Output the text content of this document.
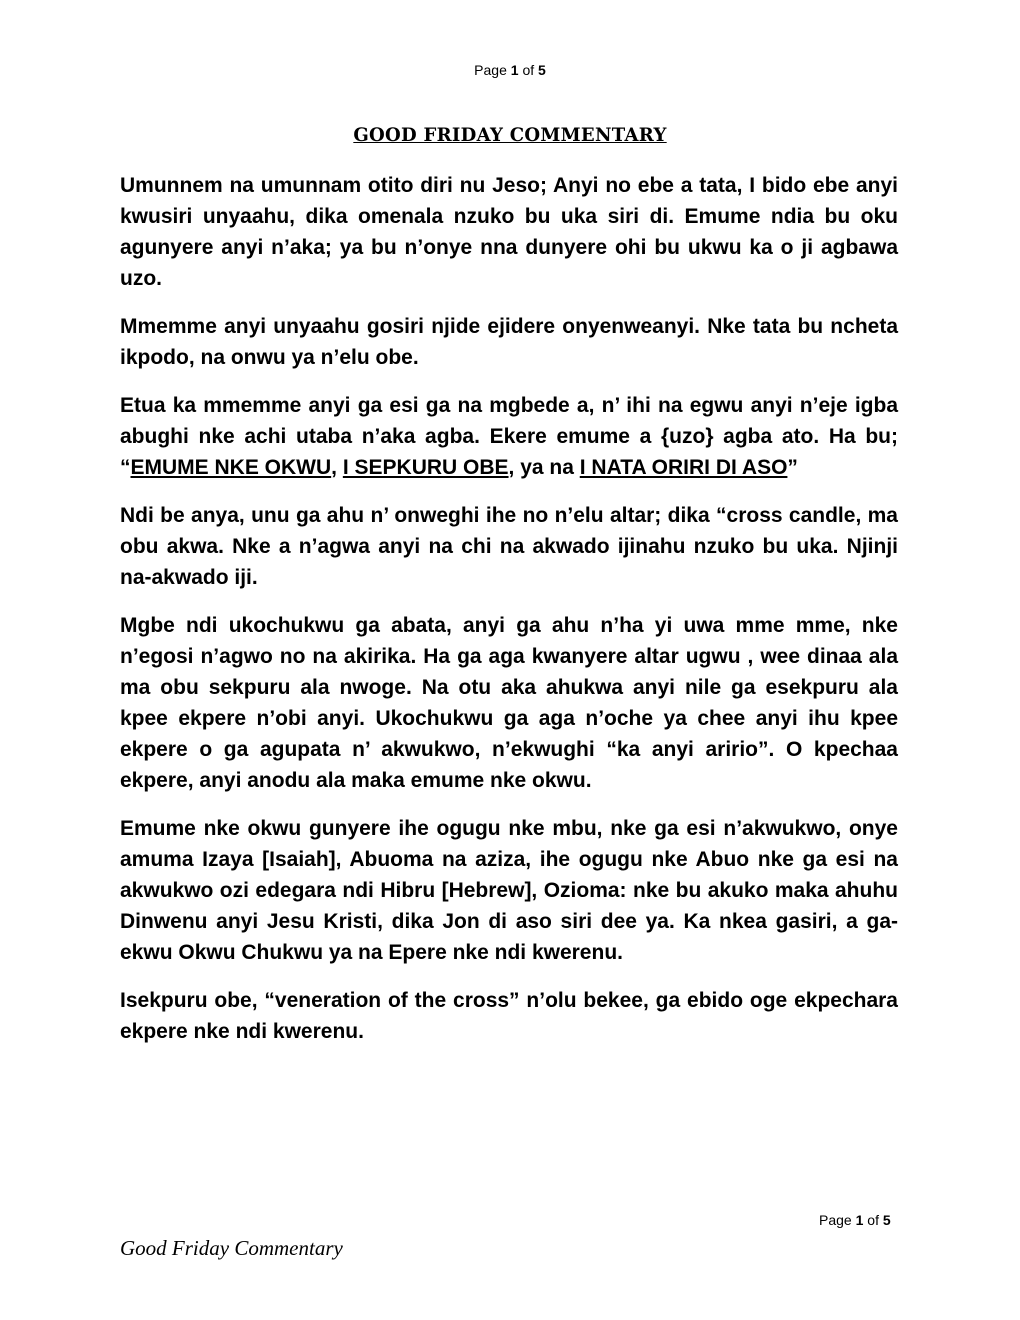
Page 1 of 5
GOOD FRIDAY COMMENTARY

Umunnem na umunnam otito diri nu Jeso; Anyi no ebe a tata, I bido ebe anyi kwusiri unyaahu, dika omenala nzuko bu uka siri di. Emume ndia bu oku agunyere anyi n’aka; ya bu n’onye nna dunyere ohi bu ukwu ka o ji agbawa uzo.

Mmemme anyi unyaahu gosiri njide ejidere onyenweanyi. Nke tata bu ncheta ikpodo, na onwu ya n’elu obe.

Etua ka mmemme anyi ga esi ga na mgbede a, n’ ihi na egwu anyi n’eje igba abughi nke achi utaba n’aka agba. Ekere emume a {uzo} agba ato. Ha bu; “EMUME NKE OKWU, I SEPKURU OBE, ya na I NATA ORIRI DI ASO”

Ndi be anya, unu ga ahu n’ onweghi ihe no n’elu altar; dika “cross candle, ma obu akwa. Nke a n’agwa anyi na chi na akwado ijinahu nzuko bu uka. Njinji na-akwado iji.

Mgbe ndi ukochukwu ga abata, anyi ga ahu n’ha yi uwa mme mme, nke n’egosi n’agwo no na akirika. Ha ga aga kwanyere altar ugwu , wee dinaa ala ma obu sekpuru ala nwoge. Na otu aka ahukwa anyi nile ga esekpuru ala kpee ekpere n’obi anyi. Ukochukwu ga aga n’oche ya chee anyi ihu kpee ekpere o ga agupata n’ akwukwo, n’ekwughi “ka anyi aririo”. O kpechaa ekpere, anyi anodu ala maka emume nke okwu.

Emume nke okwu gunyere ihe ogugu nke mbu, nke ga esi n’akwukwo, onye amuma Izaya [Isaiah], Abuoma na aziza, ihe ogugu nke Abuo nke ga esi na akwukwo ozi edegara ndi Hibru [Hebrew], Ozioma: nke bu akuko maka ahuhu Dinwenu anyi Jesu Kristi, dika Jon di aso siri dee ya. Ka nkea gasiri, a ga-ekwu Okwu Chukwu ya na Epere nke ndi kwerenu.

Isekpuru obe, “veneration of the cross” n’olu bekee, ga ebido oge ekpechara ekpere nke ndi kwerenu.

Page 1 of 5
Good Friday Commentary
